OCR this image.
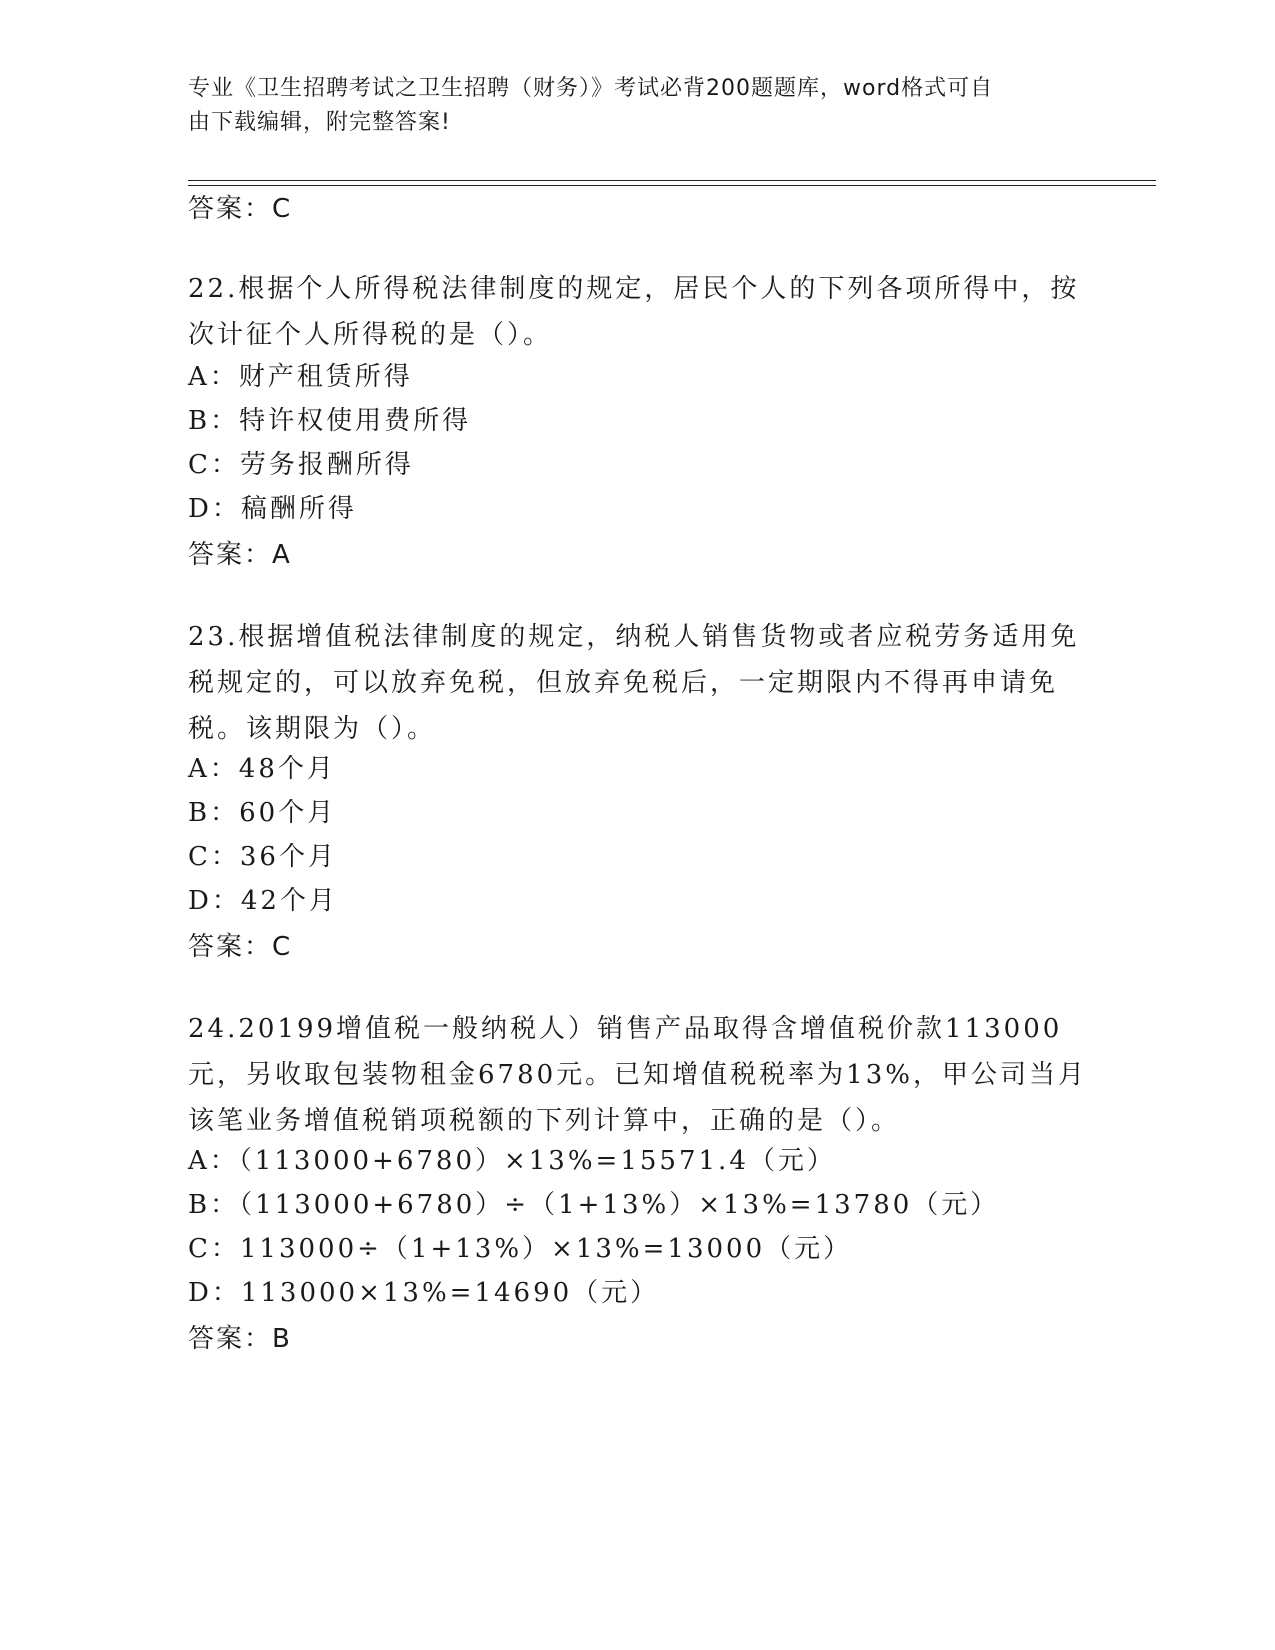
专业《卫生招聘考试之卫生招聘（财务）》考试必背200题题库，word格式可自
由下载编辑，附完整答案!
答案：C
22.根据个人所得税法律制度的规定，居民个人的下列各项所得中，按次计征个人所得税的是（）。
A：财产租赁所得
B：特许权使用费所得
C：劳务报酬所得
D：稿酬所得
答案：A
23.根据增值税法律制度的规定，纳税人销售货物或者应税劳务适用免税规定的，可以放弃免税，但放弃免税后，一定期限内不得再申请免税。该期限为（）。
A：48个月
B：60个月
C：36个月
D：42个月
答案：C
24.20199增值税一般纳税人）销售产品取得含增值税价款113000元，另收取包装物租金6780元。已知增值税税率为13%，甲公司当月该笔业务增值税销项税额的下列计算中，正确的是（）。
A：（113000+6780）×13%=15571.4（元）
B：（113000+6780）÷（1+13%）×13%=13780（元）
C：113000÷（1+13%）×13%=13000（元）
D：113000×13%=14690（元）
答案：B
